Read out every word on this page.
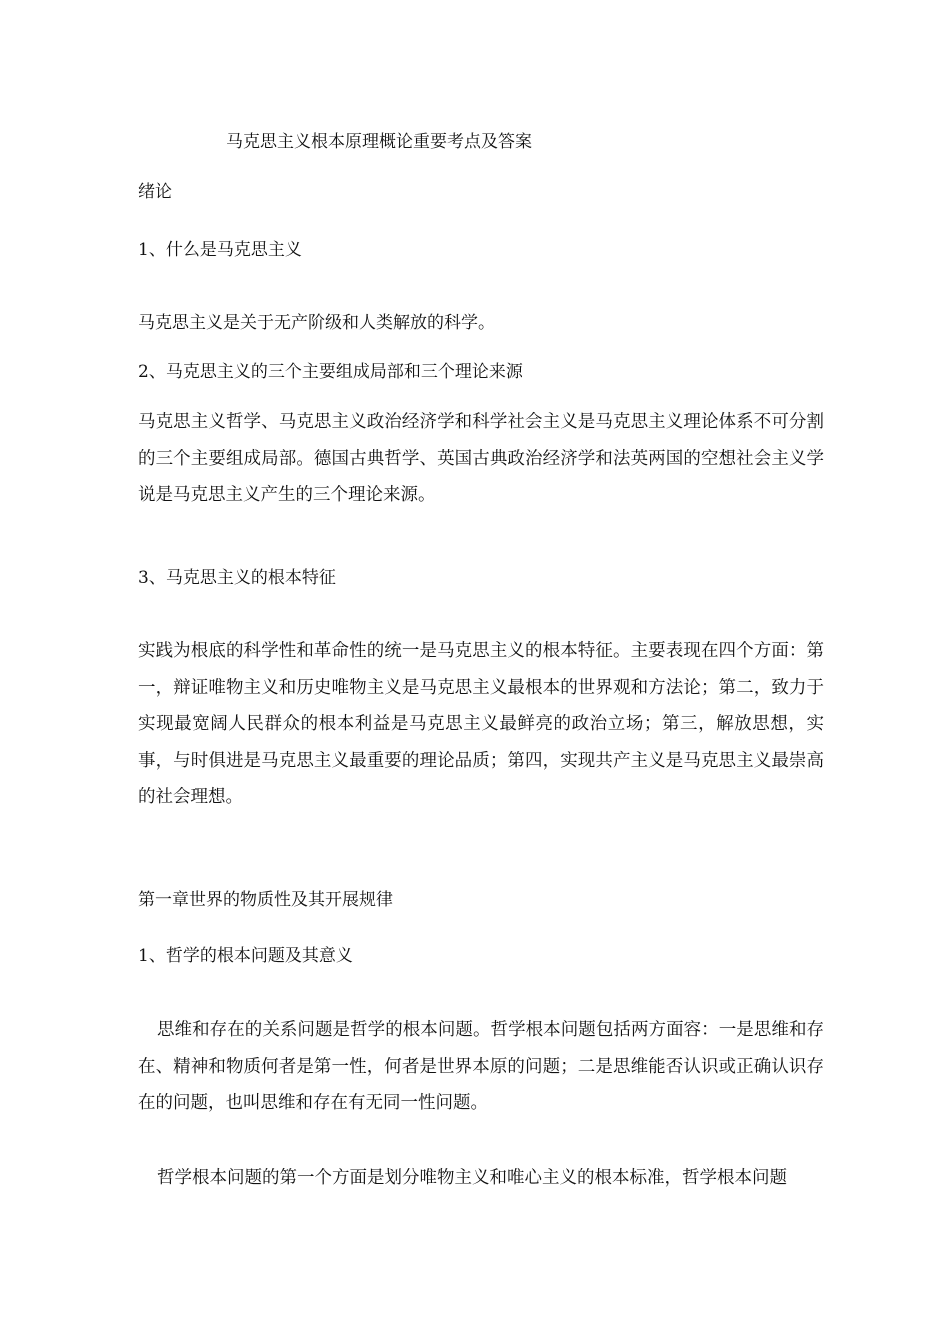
马克思主义根本原理概论重要考点及答案
绪论
1、什么是马克思主义
马克思主义是关于无产阶级和人类解放的科学。
2、马克思主义的三个主要组成局部和三个理论来源
马克思主义哲学、马克思主义政治经济学和科学社会主义是马克思主义理论体系不可分割的三个主要组成局部。德国古典哲学、英国古典政治经济学和法英两国的空想社会主义学说是马克思主义产生的三个理论来源。
3、马克思主义的根本特征
实践为根底的科学性和革命性的统一是马克思主义的根本特征。主要表现在四个方面：第一，辩证唯物主义和历史唯物主义是马克思主义最根本的世界观和方法论；第二，致力于实现最宽阔人民群众的根本利益是马克思主义最鲜亮的政治立场；第三，解放思想，实事，与时俱进是马克思主义最重要的理论品质；第四，实现共产主义是马克思主义最崇高的社会理想。
第一章世界的物质性及其开展规律
1、哲学的根本问题及其意义
思维和存在的关系问题是哲学的根本问题。哲学根本问题包括两方面容：一是思维和存在、精神和物质何者是第一性，何者是世界本原的问题；二是思维能否认识或正确认识存在的问题，也叫思维和存在有无同一性问题。
哲学根本问题的第一个方面是划分唯物主义和唯心主义的根本标准，哲学根本问题
